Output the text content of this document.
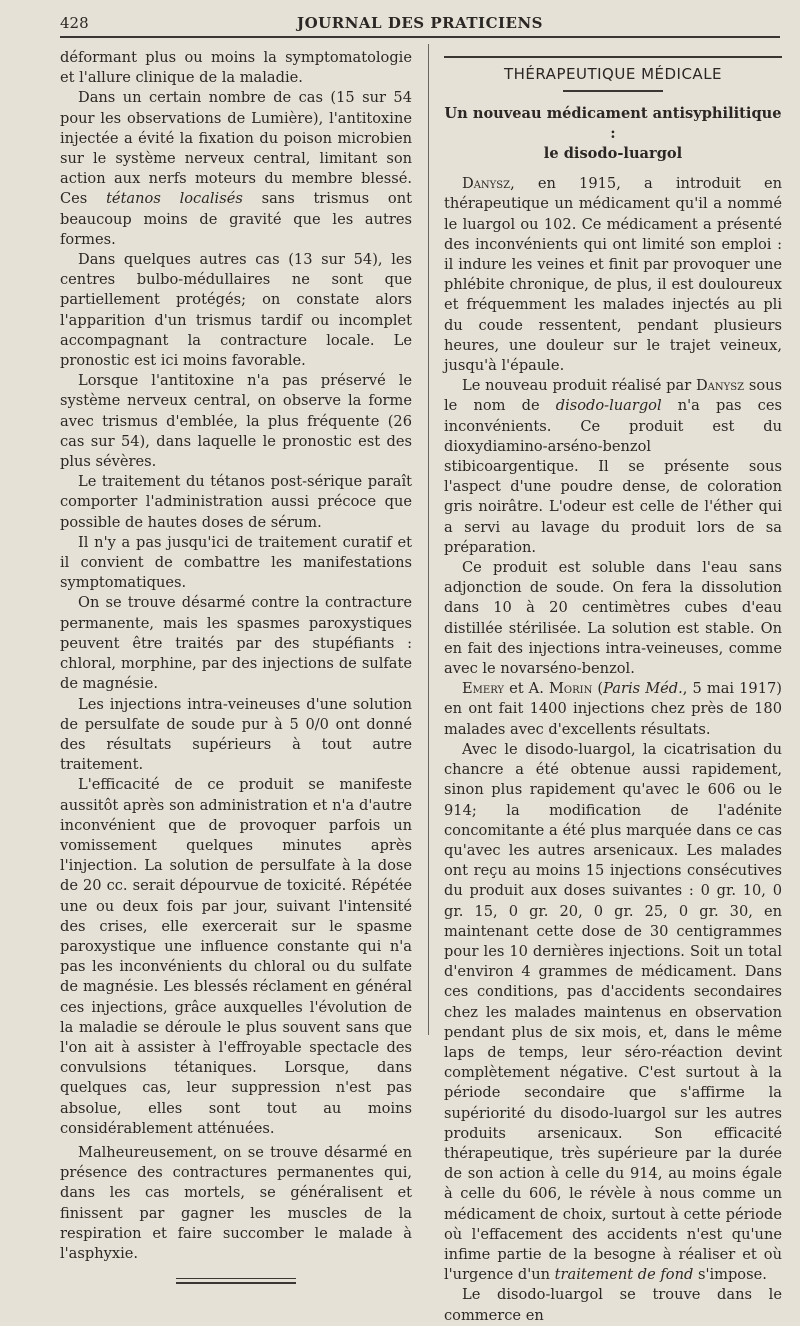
428	JOURNAL DES PRATICIENS

déformant plus ou moins la symptomatologie et l'allure clinique de la maladie.

Dans un certain nombre de cas (15 sur 54 pour les observations de Lumière), l'antitoxine injectée a évité la fixation du poison microbien sur le système nerveux central, limitant son action aux nerfs moteurs du membre blessé. Ces tétanos localisés sans trismus ont beaucoup moins de gravité que les autres formes.

Dans quelques autres cas (13 sur 54), les centres bulbo-médullaires ne sont que partiellement protégés; on constate alors l'apparition d'un trismus tardif ou incomplet accompagnant la contracture locale. Le pronostic est ici moins favorable.

Lorsque l'antitoxine n'a pas préservé le système nerveux central, on observe la forme avec trismus d'emblée, la plus fréquente (26 cas sur 54), dans laquelle le pronostic est des plus sévères.

Le traitement du tétanos post-sérique paraît comporter l'administration aussi précoce que possible de hautes doses de sérum.

Il n'y a pas jusqu'ici de traitement curatif et il convient de combattre les manifestations symptomatiques.

On se trouve désarmé contre la contracture permanente, mais les spasmes paroxystiques peuvent être traités par des stupéfiants : chloral, morphine, par des injections de sulfate de magnésie.

Les injections intra-veineuses d'une solution de persulfate de soude pur à 5 0/0 ont donné des résultats supérieurs à tout autre traitement.

L'efficacité de ce produit se manifeste aussitôt après son administration et n'a d'autre inconvénient que de provoquer parfois un vomissement quelques minutes après l'injection. La solution de persulfate à la dose de 20 cc. serait dépourvue de toxicité. Répétée une ou deux fois par jour, suivant l'intensité des crises, elle exercerait sur le spasme paroxystique une influence constante qui n'a pas les inconvénients du chloral ou du sulfate de magnésie. Les blessés réclament en général ces injections, grâce auxquelles l'évolution de la maladie se déroule le plus souvent sans que l'on ait à assister à l'effroyable spectacle des convulsions tétaniques. Lorsque, dans quelques cas, leur suppression n'est pas absolue, elles sont tout au moins considérablement atténuées.

Malheureusement, on se trouve désarmé en présence des contractures permanentes qui, dans les cas mortels, se généralisent et finissent par gagner les muscles de la respiration et faire succomber le malade à l'asphyxie.

THÉRAPEUTIQUE MÉDICALE
Un nouveau médicament antisyphilitique :
le disodo-luargol

Danysz, en 1915, a introduit en thérapeutique un médicament qu'il a nommé le luargol ou 102. Ce médicament a présenté des inconvénients qui ont limité son emploi : il indure les veines et finit par provoquer une phlébite chronique, de plus, il est douloureux et fréquemment les malades injectés au pli du coude ressentent, pendant plusieurs heures, une douleur sur le trajet veineux, jusqu'à l'épaule.

Le nouveau produit réalisé par Danysz sous le nom de disodo-luargol n'a pas ces inconvénients. Ce produit est du dioxydiamino-arséno-benzol stibicoargentique. Il se présente sous l'aspect d'une poudre dense, de coloration gris noirâtre. L'odeur est celle de l'éther qui a servi au lavage du produit lors de sa préparation.

Ce produit est soluble dans l'eau sans adjonction de soude. On fera la dissolution dans 10 à 20 centimètres cubes d'eau distillée stérilisée. La solution est stable. On en fait des injections intra-veineuses, comme avec le novarséno-benzol.

Emery et A. Morin (Paris Méd., 5 mai 1917) en ont fait 1400 injections chez près de 180 malades avec d'excellents résultats.

Avec le disodo-luargol, la cicatrisation du chancre a été obtenue aussi rapidement, sinon plus rapidement qu'avec le 606 ou le 914; la modification de l'adénite concomitante a été plus marquée dans ce cas qu'avec les autres arsenicaux. Les malades ont reçu au moins 15 injections consécutives du produit aux doses suivantes : 0 gr. 10, 0 gr. 15, 0 gr. 20, 0 gr. 25, 0 gr. 30, en maintenant cette dose de 30 centigrammes pour les 10 dernières injections. Soit un total d'environ 4 grammes de médicament. Dans ces conditions, pas d'accidents secondaires chez les malades maintenus en observation pendant plus de six mois, et, dans le même laps de temps, leur séro-réaction devint complètement négative. C'est surtout à la période secondaire que s'affirme la supériorité du disodo-luargol sur les autres produits arsenicaux. Son efficacité thérapeutique, très supérieure par la durée de son action à celle du 914, au moins égale à celle du 606, le révèle à nous comme un médicament de choix, surtout à cette période où l'effacement des accidents n'est qu'une infime partie de la besogne à réaliser et où l'urgence d'un traitement de fond s'impose.

Le disodo-luargol se trouve dans le commerce en
